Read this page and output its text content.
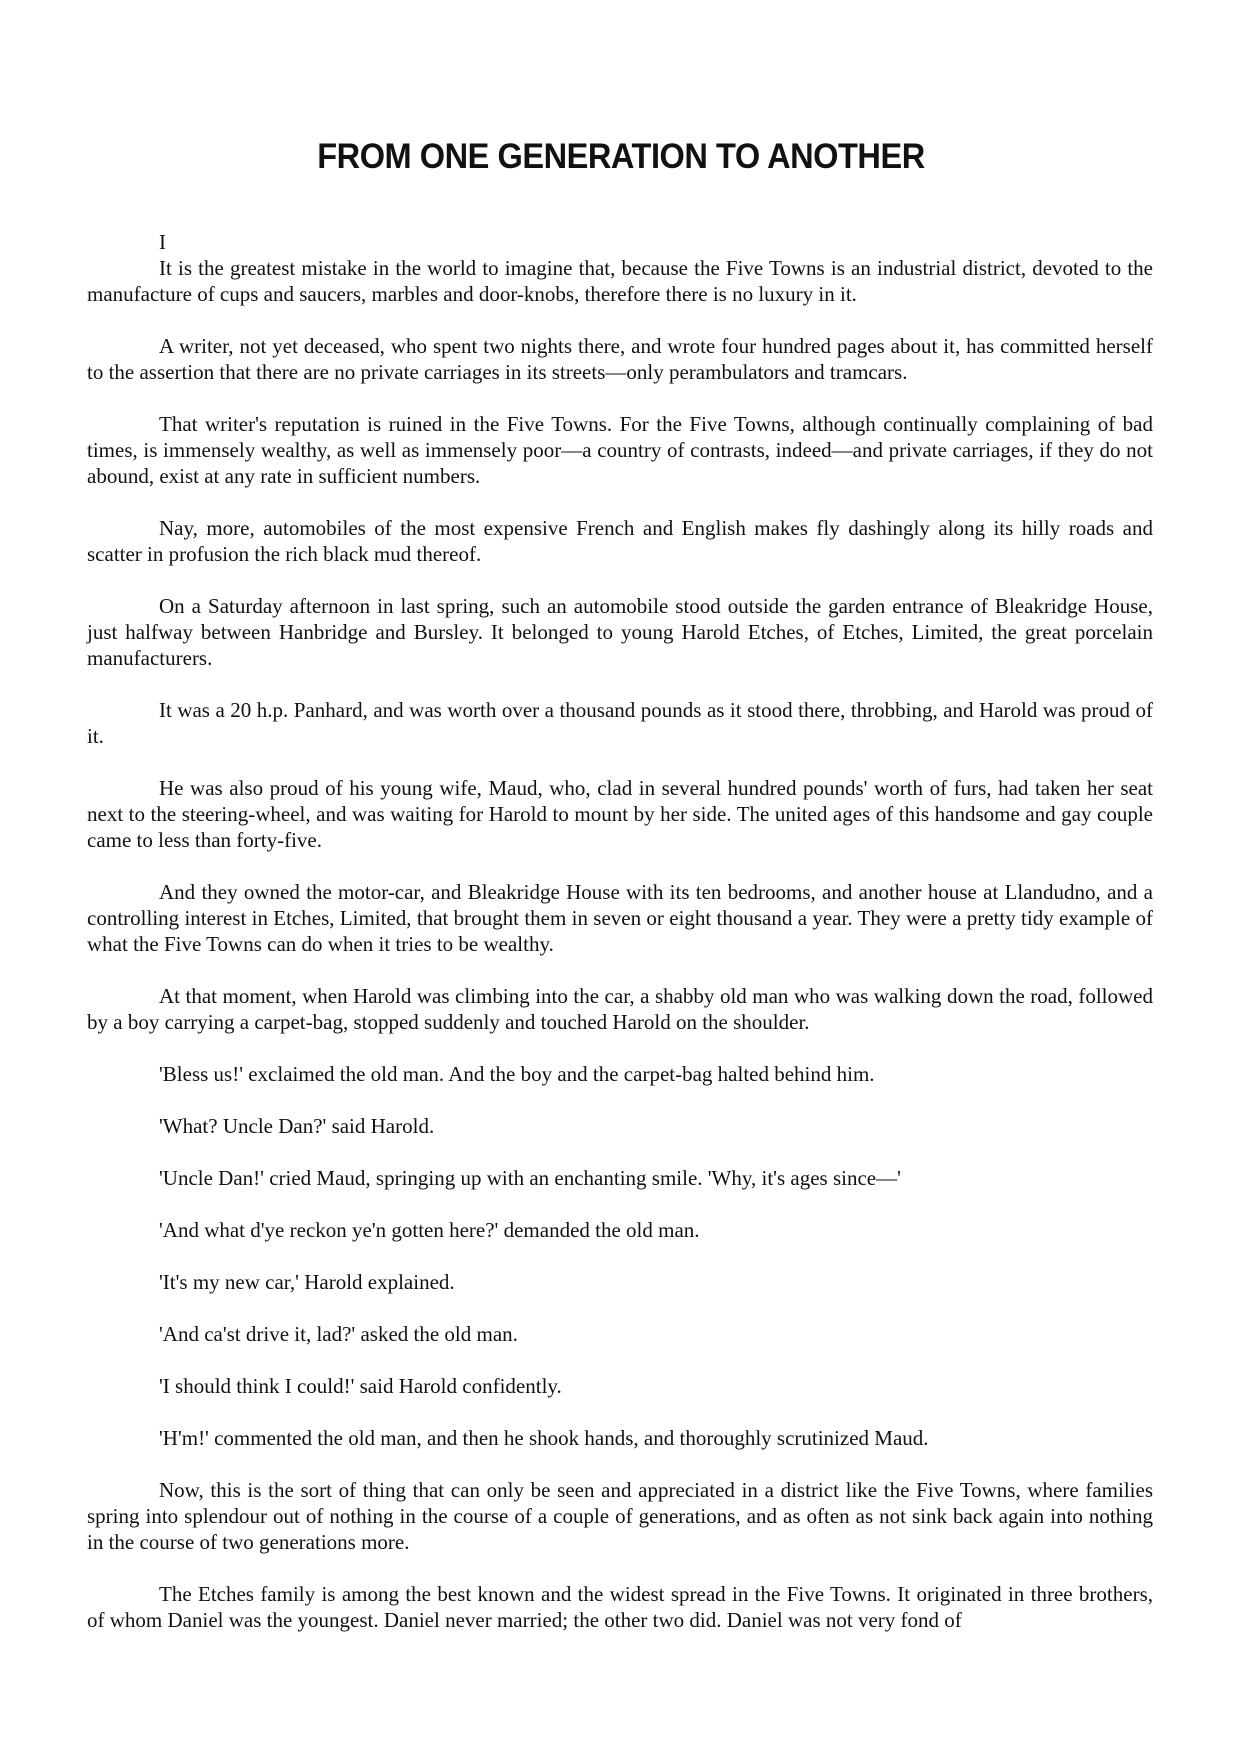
FROM ONE GENERATION TO ANOTHER

I

It is the greatest mistake in the world to imagine that, because the Five Towns is an industrial district, devoted to the manufacture of cups and saucers, marbles and door-knobs, therefore there is no luxury in it.

A writer, not yet deceased, who spent two nights there, and wrote four hundred pages about it, has committed herself to the assertion that there are no private carriages in its streets—only perambulators and tramcars.

That writer's reputation is ruined in the Five Towns. For the Five Towns, although continually complaining of bad times, is immensely wealthy, as well as immensely poor—a country of contrasts, indeed—and private carriages, if they do not abound, exist at any rate in sufficient numbers.

Nay, more, automobiles of the most expensive French and English makes fly dashingly along its hilly roads and scatter in profusion the rich black mud thereof.

On a Saturday afternoon in last spring, such an automobile stood outside the garden entrance of Bleakridge House, just halfway between Hanbridge and Bursley. It belonged to young Harold Etches, of Etches, Limited, the great porcelain manufacturers.

It was a 20 h.p. Panhard, and was worth over a thousand pounds as it stood there, throbbing, and Harold was proud of it.

He was also proud of his young wife, Maud, who, clad in several hundred pounds' worth of furs, had taken her seat next to the steering-wheel, and was waiting for Harold to mount by her side. The united ages of this handsome and gay couple came to less than forty-five.

And they owned the motor-car, and Bleakridge House with its ten bedrooms, and another house at Llandudno, and a controlling interest in Etches, Limited, that brought them in seven or eight thousand a year. They were a pretty tidy example of what the Five Towns can do when it tries to be wealthy.

At that moment, when Harold was climbing into the car, a shabby old man who was walking down the road, followed by a boy carrying a carpet-bag, stopped suddenly and touched Harold on the shoulder.

'Bless us!' exclaimed the old man. And the boy and the carpet-bag halted behind him.

'What? Uncle Dan?' said Harold.

'Uncle Dan!' cried Maud, springing up with an enchanting smile. 'Why, it's ages since—'

'And what d'ye reckon ye'n gotten here?' demanded the old man.

'It's my new car,' Harold explained.

'And ca'st drive it, lad?' asked the old man.

'I should think I could!' said Harold confidently.

'H'm!' commented the old man, and then he shook hands, and thoroughly scrutinized Maud.

Now, this is the sort of thing that can only be seen and appreciated in a district like the Five Towns, where families spring into splendour out of nothing in the course of a couple of generations, and as often as not sink back again into nothing in the course of two generations more.

The Etches family is among the best known and the widest spread in the Five Towns. It originated in three brothers, of whom Daniel was the youngest. Daniel never married; the other two did. Daniel was not very fond of
